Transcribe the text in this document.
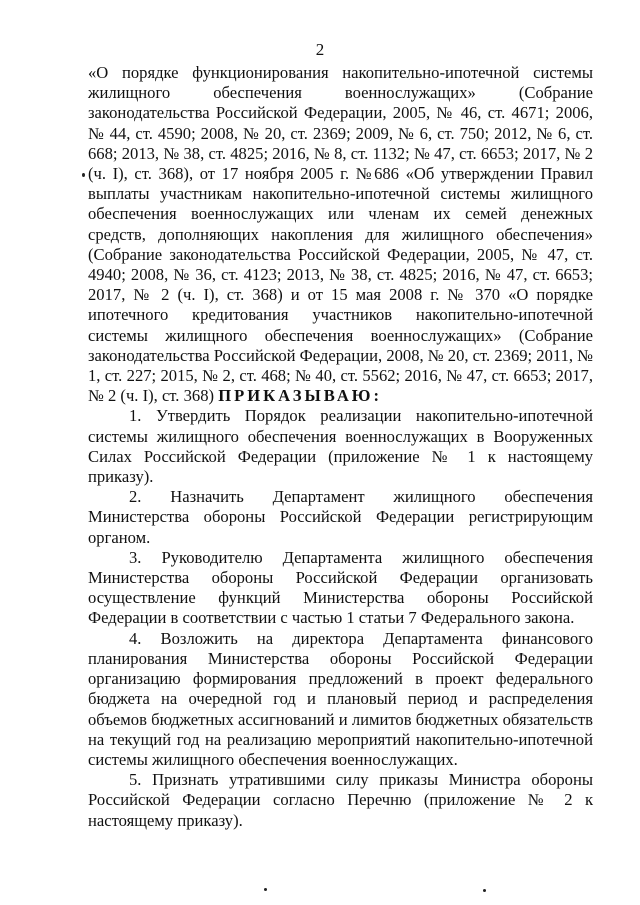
2

«О порядке функционирования накопительно-ипотечной системы жилищного обеспечения военнослужащих» (Собрание законодательства Российской Федерации, 2005, № 46, ст. 4671; 2006, № 44, ст. 4590; 2008, № 20, ст. 2369; 2009, № 6, ст. 750; 2012, № 6, ст. 668; 2013, № 38, ст. 4825; 2016, № 8, ст. 1132; № 47, ст. 6653; 2017, № 2 (ч. I), ст. 368), от 17 ноября 2005 г. №686 «Об утверждении Правил выплаты участникам накопительно-ипотечной системы жилищного обеспечения военнослужащих или членам их семей денежных средств, дополняющих накопления для жилищного обеспечения» (Собрание законодательства Российской Федерации, 2005, № 47, ст. 4940; 2008, № 36, ст. 4123; 2013, № 38, ст. 4825; 2016, № 47, ст. 6653; 2017, № 2 (ч. I), ст. 368) и от 15 мая 2008 г. № 370 «О порядке ипотечного кредитования участников накопительно-ипотечной системы жилищного обеспечения военнослужащих» (Собрание законодательства Российской Федерации, 2008, № 20, ст. 2369; 2011, № 1, ст. 227; 2015, № 2, ст. 468; № 40, ст. 5562; 2016, № 47, ст. 6653; 2017, № 2 (ч. I), ст. 368) ПРИКАЗЫВАЮ:

1. Утвердить Порядок реализации накопительно-ипотечной системы жилищного обеспечения военнослужащих в Вооруженных Силах Российской Федерации (приложение № 1 к настоящему приказу).

2. Назначить Департамент жилищного обеспечения Министерства обороны Российской Федерации регистрирующим органом.

3. Руководителю Департамента жилищного обеспечения Министерства обороны Российской Федерации организовать осуществление функций Министерства обороны Российской Федерации в соответствии с частью 1 статьи 7 Федерального закона.

4. Возложить на директора Департамента финансового планирования Министерства обороны Российской Федерации организацию формирования предложений в проект федерального бюджета на очередной год и плановый период и распределения объемов бюджетных ассигнований и лимитов бюджетных обязательств на текущий год на реализацию мероприятий накопительно-ипотечной системы жилищного обеспечения военнослужащих.

5. Признать утратившими силу приказы Министра обороны Российской Федерации согласно Перечню (приложение № 2 к настоящему приказу).
